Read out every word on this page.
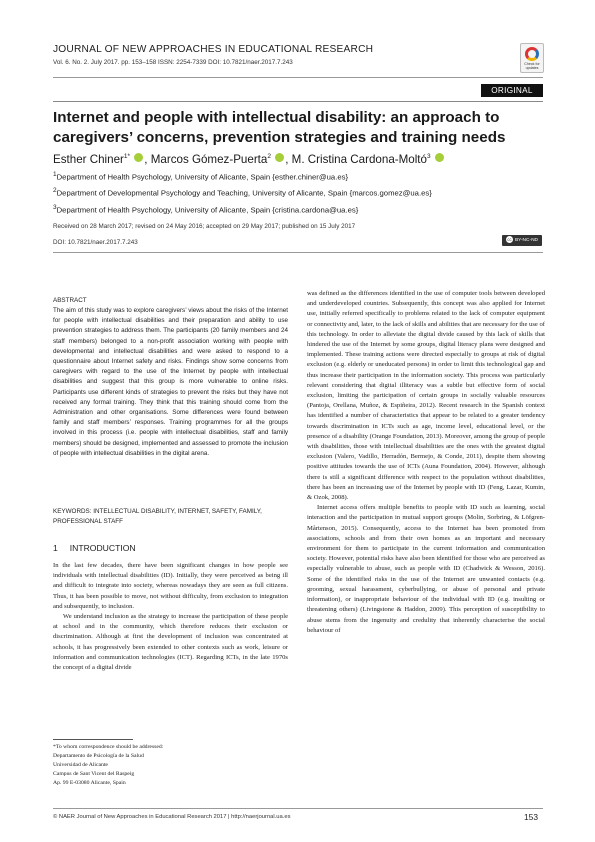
JOURNAL OF NEW APPROACHES IN EDUCATIONAL RESEARCH
Vol. 6. No. 2. July 2017. pp. 153–158 ISSN: 2254-7339 DOI: 10.7821/naer.2017.7.243	Check for updates
ORIGINAL
Internet and people with intellectual disability: an approach to caregivers’ concerns, prevention strategies and training needs
Esther Chiner$^{1*}$ , Marcos Gómez-Puerta$^2$ , M. Cristina Cardona-Moltó$^3$
$^1$Department of Health Psychology, University of Alicante, Spain {esther.chiner@ua.es}
$^2$Department of Developmental Psychology and Teaching, University of Alicante, Spain {marcos.gomez@ua.es}
$^3$Department of Health Psychology, University of Alicante, Spain {cristina.cardona@ua.es}
Received on 28 March 2017; revised on 24 May 2016; accepted on 29 May 2017; published on 15 July 2017
DOI: 10.7821/naer.2017.7.243	cc BY-NC-ND
ABSTRACT
The aim of this study was to explore caregivers’ views about the risks of the Internet for people with intellectual disabilities and their preparation and ability to use prevention strategies to address them. The participants (20 family members and 24 staff members) belonged to a non-profit association working with people with developmental and intellectual disabilities and were asked to respond to a questionnaire about Internet safety and risks. Findings show some concerns from caregivers with regard to the use of the Internet by people with intellectual disabilities and suggest that this group is more vulnerable to online risks. Participants use different kinds of strategies to prevent the risks but they have not received any formal training. They think that this training should come from the Administration and other organisations. Some differences were found between family and staff members’ responses. Training programmes for all the groups involved in this process (i.e. people with intellectual disabilities, staff and family members) should be designed, implemented and assessed to promote the inclusion of people with intellectual disabilities in the digital arena.
KEYWORDS: INTELLECTUAL DISABILITY, INTERNET, SAFETY, FAMILY, PROFESSIONAL STAFF
1 INTRODUCTION

In the last few decades, there have been significant changes in how people see individuals with intellectual disabilities (ID). Initially, they were perceived as being ill and difficult to integrate into society, whereas nowadays they are seen as full citizens. Thus, it has been possible to move, not without difficulty, from exclusion to integration and subsequently, to inclusion.

We understand inclusion as the strategy to increase the participation of these people at school and in the community, which therefore reduces their exclusion or discrimination. Although at first the development of inclusion was concentrated at schools, it has progressively been extended to other contexts such as work, leisure or information and communication technologies (ICT). Regarding ICTs, in the late 1970s the concept of a digital divide

*To whom correspondence should be addressed:
Departamento de Psicología de la Salud
Universidad de Alicante
Campus de Sant Vicent del Raspeig
Ap. 99 E-03080 Alicante, Spain

was defined as the differences identified in the use of computer tools between developed and underdeveloped countries. Subsequently, this concept was also applied for Internet use, initially referred specifically to problems related to the lack of computer equipment or connectivity and, later, to the lack of skills and abilities that are necessary for the use of this technology. In order to alleviate the digital divide caused by this lack of skills that hindered the use of the Internet by some groups, digital literacy plans were designed and implemented. These training actions were directed especially to groups at risk of digital exclusion (e.g. elderly or uneducated persons) in order to limit this technological gap and thus increase their participation in the information society. This process was particularly relevant considering that digital illiteracy was a subtle but effective form of social exclusion, limiting the participation of certain groups in socially valuable resources (Pantoja, Orellana, Muñoz, & Espiñeira, 2012). Recent research in the Spanish context has identified a number of characteristics that appear to be related to a greater tendency towards discrimination in ICTs such as age, income level, educational level, or the presence of a disability (Orange Foundation, 2013). Moreover, among the group of people with disabilities, those with intellectual disabilities are the ones with the greatest digital exclusion (Valero, Vadillo, Herradón, Bermejo, & Conde, 2011), despite them showing positive attitudes towards the use of ICTs (Auna Foundation, 2004). However, although there is still a significant difference with respect to the population without disabilities, there has been an increasing use of the Internet by people with ID (Feng, Lazar, Kumin, & Ozok, 2008).

Internet access offers multiple benefits to people with ID such as learning, social interaction and the participation in mutual support groups (Molin, Sorbring, & Löfgren-Mårtenson, 2015). Consequently, access to the Internet has been promoted from associations, schools and from their own homes as an important and necessary environment for them to participate in the current information and communication society. However, potential risks have also been identified for those who are perceived as especially vulnerable to abuse, such as people with ID (Chadwick & Wesson, 2016). Some of the identified risks in the use of the Internet are unwanted contacts (e.g. grooming, sexual harassment, cyberbullying, or abuse of personal and private information), or inappropriate behaviour of the individual with ID (e.g. insulting or threatening others) (Livingstone & Haddon, 2009). This perception of susceptibility to abuse stems from the ingenuity and credulity that inherently characterise the social behaviour of

© NAER Journal of New Approaches in Educational Research 2017 | http://naerjournal.ua.es	153
